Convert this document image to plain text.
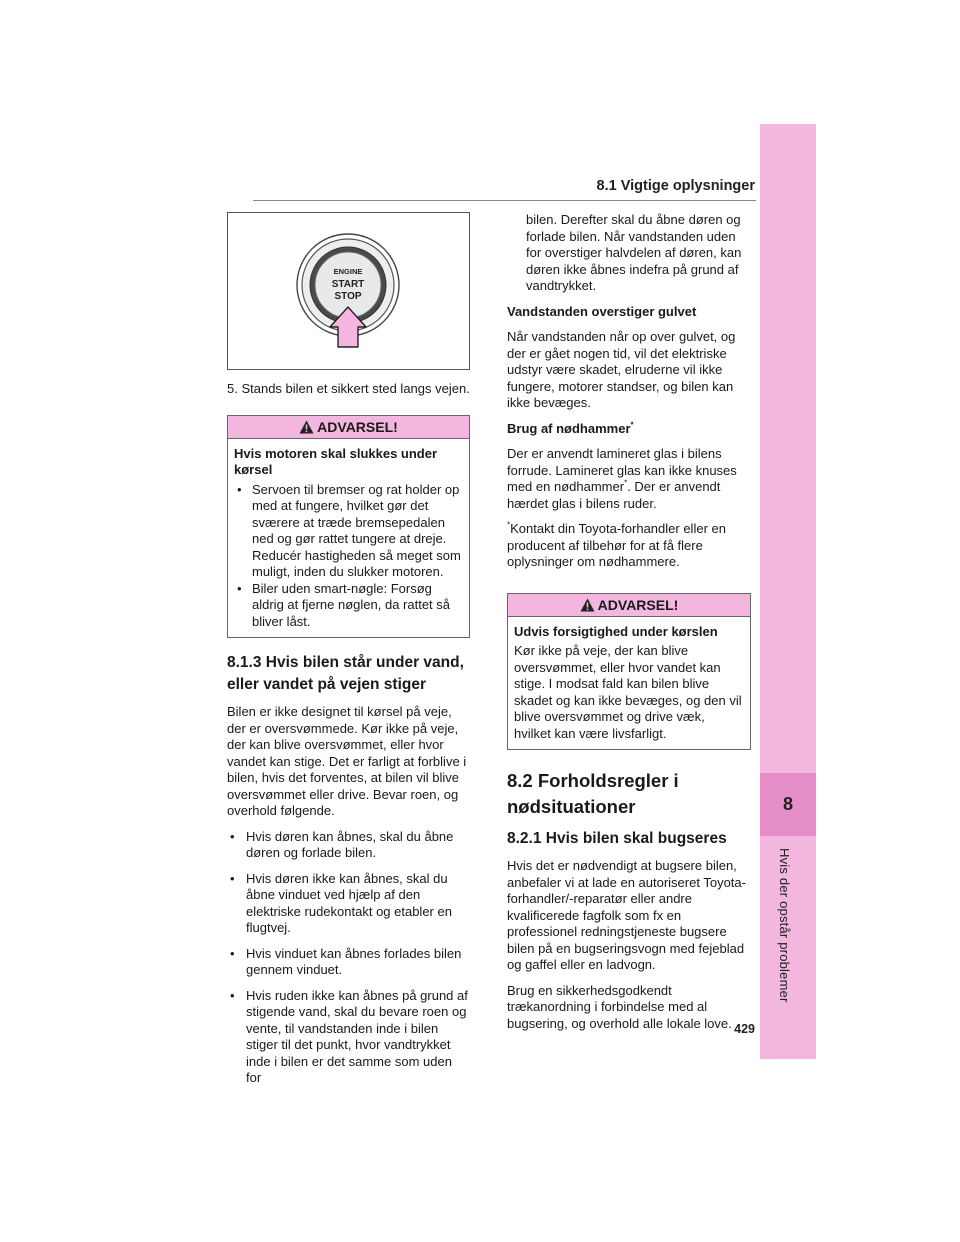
8.1 Vigtige oplysninger
8
Hvis der opstår problemer
429
ENGINE
START
STOP

5. Stands bilen et sikkert sted langs vejen.

ADVARSEL!
Hvis motoren skal slukkes under kørsel
• Servoen til bremser og rat holder op med at fungere, hvilket gør det sværere at træde bremsepedalen ned og gør rattet tungere at dreje. Reducér hastigheden så meget som muligt, inden du slukker motoren.
• Biler uden smart-nøgle: Forsøg aldrig at fjerne nøglen, da rattet så bliver låst.
8.1.3 Hvis bilen står under vand, eller vandet på vejen stiger

Bilen er ikke designet til kørsel på veje, der er oversvømmede. Kør ikke på veje, der kan blive oversvømmet, eller hvor vandet kan stige. Det er farligt at forblive i bilen, hvis det forventes, at bilen vil blive oversvømmet eller drive. Bevar roen, og overhold følgende.

• Hvis døren kan åbnes, skal du åbne døren og forlade bilen.
• Hvis døren ikke kan åbnes, skal du åbne vinduet ved hjælp af den elektriske rudekontakt og etabler en flugtvej.
• Hvis vinduet kan åbnes forlades bilen gennem vinduet.
• Hvis ruden ikke kan åbnes på grund af stigende vand, skal du bevare roen og vente, til vandstanden inde i bilen stiger til det punkt, hvor vandtrykket inde i bilen er det samme som uden for
bilen. Derefter skal du åbne døren og forlade bilen. Når vandstanden uden for overstiger halvdelen af døren, kan døren ikke åbnes indefra på grund af vandtrykket.
Vandstanden overstiger gulvet

Når vandstanden når op over gulvet, og der er gået nogen tid, vil det elektriske udstyr være skadet, elruderne vil ikke fungere, motorer standser, og bilen kan ikke bevæges.

Brug af nødhammer*

Der er anvendt lamineret glas i bilens forrude. Lamineret glas kan ikke knuses med en nødhammer*. Der er anvendt hærdet glas i bilens ruder.

*Kontakt din Toyota-forhandler eller en producent af tilbehør for at få flere oplysninger om nødhammere.

ADVARSEL!
Udvis forsigtighed under kørslen
Kør ikke på veje, der kan blive oversvømmet, eller hvor vandet kan stige. I modsat fald kan bilen blive skadet og kan ikke bevæges, og den vil blive oversvømmet og drive væk, hvilket kan være livsfarligt.
8.2 Forholdsregler i nødsituationer
8.2.1 Hvis bilen skal bugseres

Hvis det er nødvendigt at bugsere bilen, anbefaler vi at lade en autoriseret Toyota-forhandler/-reparatør eller andre kvalificerede fagfolk som fx en professionel redningstjeneste bugsere bilen på en bugseringsvogn med fejeblad og gaffel eller en ladvogn.

Brug en sikkerhedsgodkendt trækanordning i forbindelse med al bugsering, og overhold alle lokale love.
